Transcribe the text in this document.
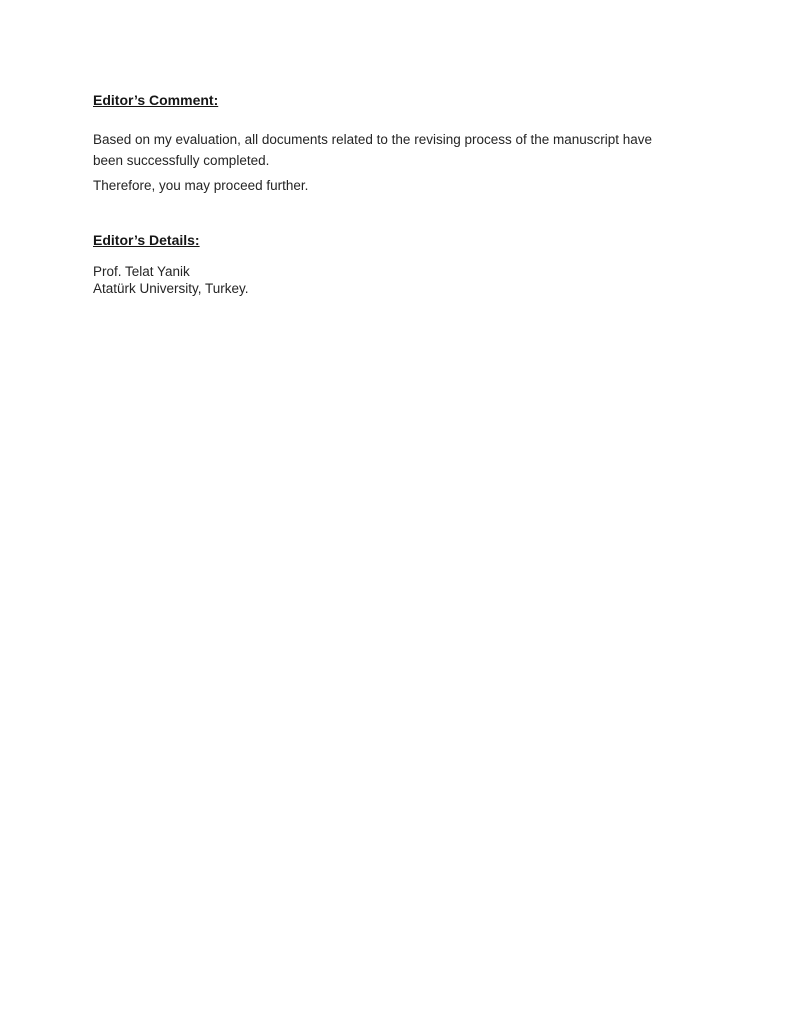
Editor’s Comment:

Based on my evaluation, all documents related to the revising process of the manuscript have been successfully completed.

Therefore, you may proceed further.

Editor’s Details:

Prof. Telat Yanik
Atatürk University, Turkey.
